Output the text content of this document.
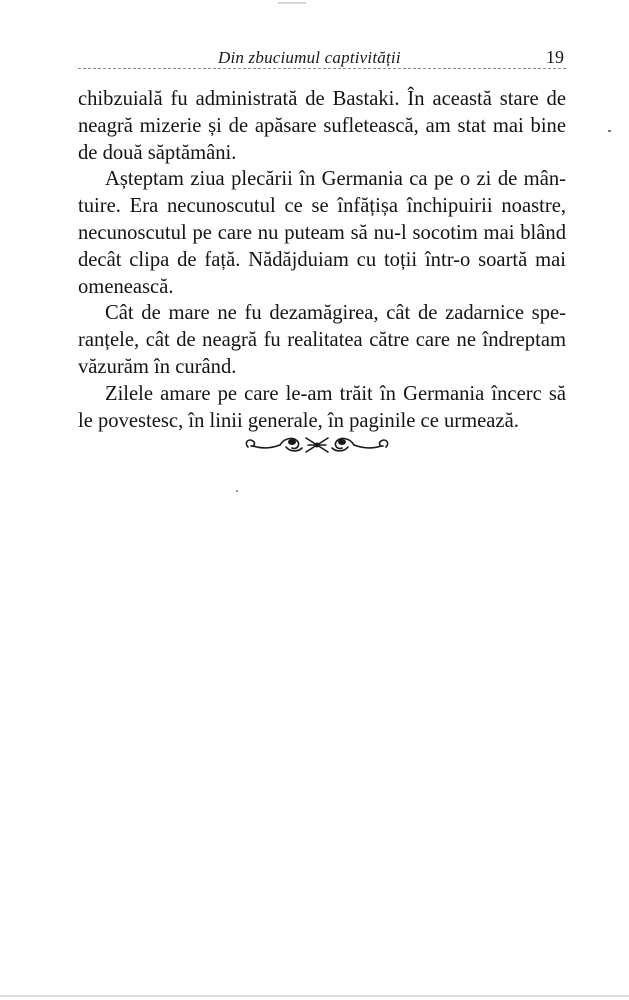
Din zbuciumul captivității	19

chibzuială fu administrată de Bastaki. În această stare de neagră mizerie și de apăsare sufletească, am stat mai bine de două săptămâni.

Așteptam ziua plecării în Germania ca pe o zi de mântuire. Era necunoscutul ce se înfățișa închipuirii noastre, necunoscutul pe care nu puteam să nu-l socotim mai blând decât clipa de față. Nădăjduiam cu toții într-o soartă mai omenească.

Cât de mare ne fu dezamăgirea, cât de zadarnice speranțele, cât de neagră fu realitatea către care ne îndreptam văzurăm în curând.

Zilele amare pe care le-am trăit în Germania încerc să le povestesc, în linii generale, în paginile ce urmează.
